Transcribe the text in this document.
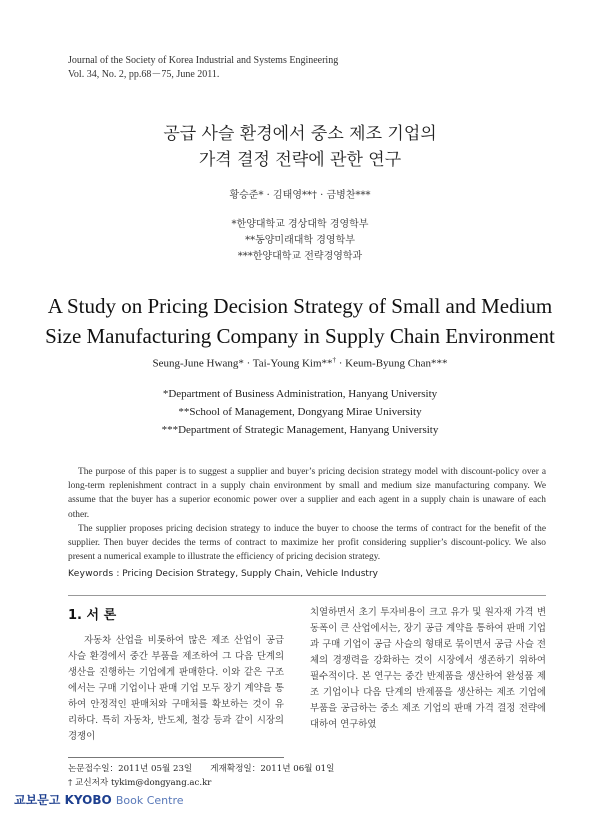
Journal of the Society of Korea Industrial and Systems Engineering
Vol. 34, No. 2, pp.68－75, June 2011.
공급 사슬 환경에서 중소 제조 기업의
가격 결정 전략에 관한 연구
황승준* · 김태영**† · 금병찬***
*한양대학교 경상대학 경영학부
**동양미래대학 경영학부
***한양대학교 전략경영학과
A Study on Pricing Decision Strategy of Small and Medium
Size Manufacturing Company in Supply Chain Environment
Seung-June Hwang* · Tai-Young Kim**† · Keum-Byung Chan***
*Department of Business Administration, Hanyang University
**School of Management, Dongyang Mirae University
***Department of Strategic Management, Hanyang University

The purpose of this paper is to suggest a supplier and buyer’s pricing decision strategy model with discount-policy over a long-term replenishment contract in a supply chain environment by small and medium size manufacturing company. We assume that the buyer has a superior economic power over a supplier and each agent in a supply chain is unaware of each other.

The supplier proposes pricing decision strategy to induce the buyer to choose the terms of contract for the benefit of the supplier. Then buyer decides the terms of contract to maximize her profit considering supplier’s discount-policy. We also present a numerical example to illustrate the efficiency of pricing decision strategy.

Keywords : Pricing Decision Strategy, Supply Chain, Vehicle Industry
1. 서 론
자동차 산업을 비롯하여 많은 제조 산업이 공급 사슬 환경에서 중간 부품을 제조하여 그 다음 단계의 생산을 진행하는 기업에게 판매한다. 이와 같은 구조에서는 구매 기업이나 판매 기업 모두 장기 계약을 통하여 안정적인 판매처와 구매처를 확보하는 것이 유리하다. 특히 자동차, 반도체, 철강 등과 같이 시장의 경쟁이
치열하면서 초기 투자비용이 크고 유가 및 원자재 가격 변동폭이 큰 산업에서는, 장기 공급 계약을 통하여 판매 기업과 구매 기업이 공급 사슬의 형태로 묶이면서 공급 사슬 전체의 경쟁력을 강화하는 것이 시장에서 생존하기 위하여 필수적이다. 본 연구는 중간 반제품을 생산하여 완성품 제조 기업이나 다음 단계의 반제품을 생산하는 제조 기업에 부품을 공급하는 중소 제조 기업의 판매 가격 결정 전략에 대하여 연구하였
논문접수일：2011년 05월 23일 게재확정일：2011년 06월 01일
† 교신저자 tykim@dongyang.ac.kr
교보문고 KYOBO Book Centre
